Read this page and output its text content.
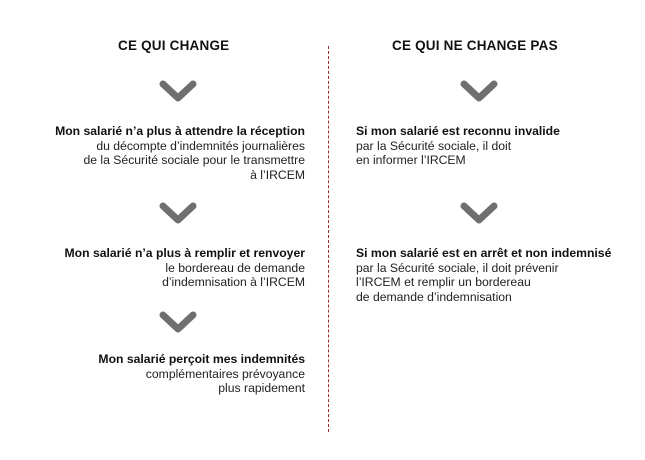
CE QUI CHANGE	CE QUI NE CHANGE PAS
Mon salarié n’a plus à attendre la réception
du décompte d’indemnités journalières
de la Sécurité sociale pour le transmettre
à l’IRCEM
Mon salarié n’a plus à remplir et renvoyer
le bordereau de demande
d’indemnisation à l’IRCEM
Mon salarié perçoit mes indemnités
complémentaires prévoyance
plus rapidement
Si mon salarié est reconnu invalide
par la Sécurité sociale, il doit
en informer l’IRCEM
Si mon salarié est en arrêt et non indemnisé
par la Sécurité sociale, il doit prévenir
l’IRCEM et remplir un bordereau
de demande d’indemnisation
